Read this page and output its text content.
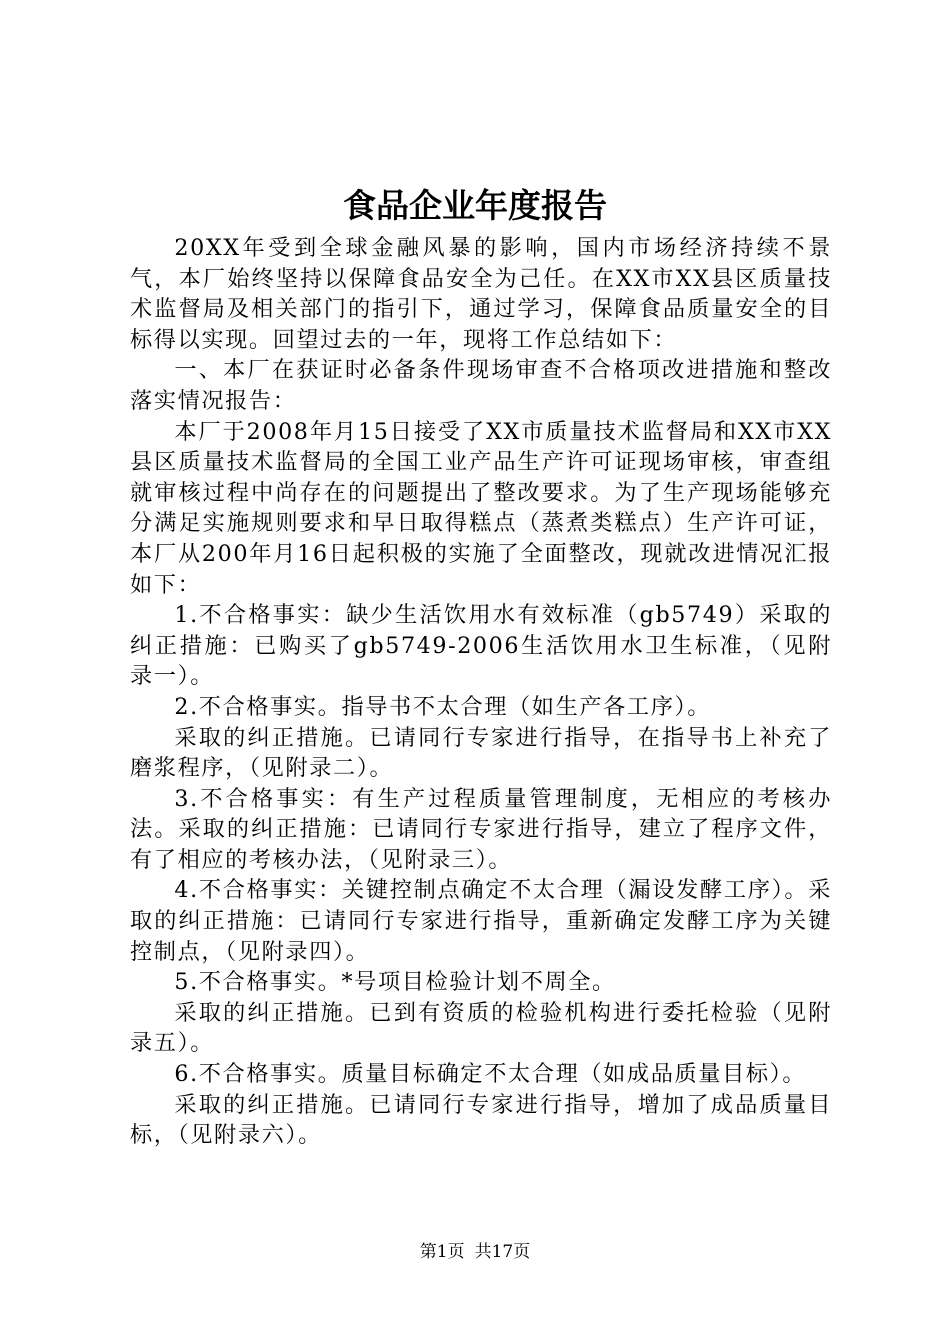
食品企业年度报告

20XX年受到全球金融风暴的影响，国内市场经济持续不景气，本厂始终坚持以保障食品安全为己任。在XX市XX县区质量技术监督局及相关部门的指引下，通过学习，保障食品质量安全的目标得以实现。回望过去的一年，现将工作总结如下：

一、本厂在获证时必备条件现场审查不合格项改进措施和整改落实情况报告：

本厂于2008年月15日接受了XX市质量技术监督局和XX市XX县区质量技术监督局的全国工业产品生产许可证现场审核，审查组就审核过程中尚存在的问题提出了整改要求。为了生产现场能够充分满足实施规则要求和早日取得糕点（蒸煮类糕点）生产许可证，本厂从200年月16日起积极的实施了全面整改，现就改进情况汇报如下：

1.不合格事实：缺少生活饮用水有效标准（gb5749）采取的纠正措施：已购买了gb5749-2006生活饮用水卫生标准，（见附录一）。

2.不合格事实。指导书不太合理（如生产各工序）。

采取的纠正措施。已请同行专家进行指导，在指导书上补充了磨浆程序，（见附录二）。

3.不合格事实：有生产过程质量管理制度，无相应的考核办法。采取的纠正措施：已请同行专家进行指导，建立了程序文件，有了相应的考核办法，（见附录三）。

4.不合格事实：关键控制点确定不太合理（漏设发酵工序）。采取的纠正措施：已请同行专家进行指导，重新确定发酵工序为关键控制点，（见附录四）。

5.不合格事实。*号项目检验计划不周全。

采取的纠正措施。已到有资质的检验机构进行委托检验（见附录五）。

6.不合格事实。质量目标确定不太合理（如成品质量目标）。

采取的纠正措施。已请同行专家进行指导，增加了成品质量目标，（见附录六）。

第1页 共17页
